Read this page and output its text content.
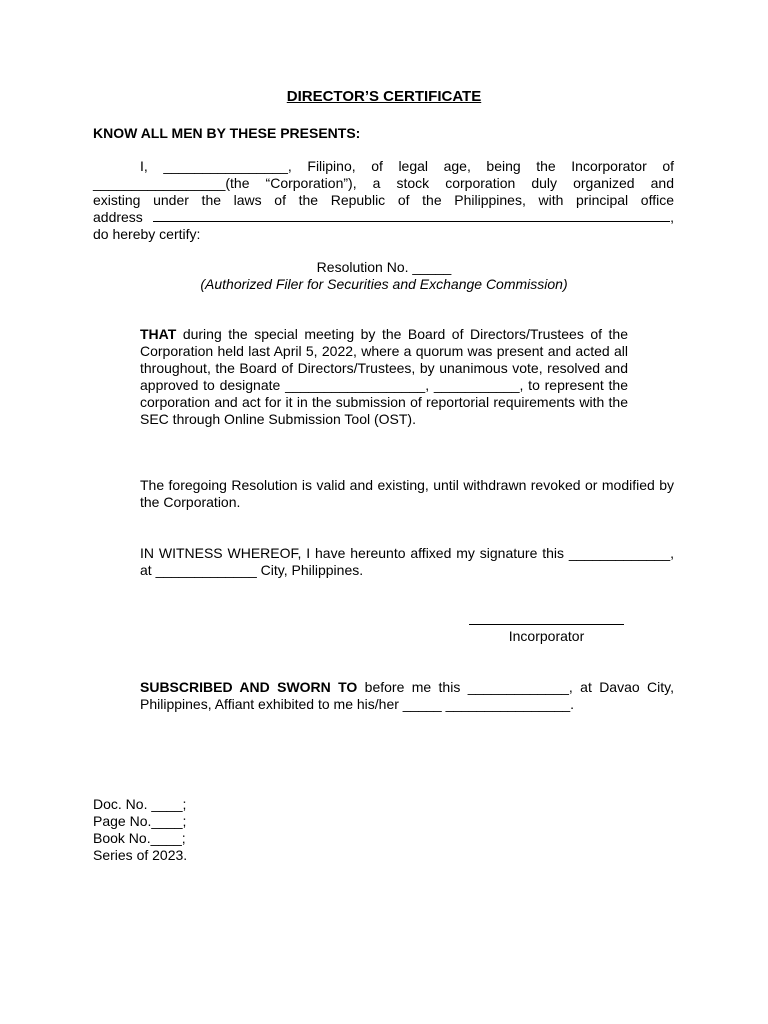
DIRECTOR’S CERTIFICATE
KNOW ALL MEN BY THESE PRESENTS:
I, ________________, Filipino, of legal age, being the Incorporator of
_________________(the “Corporation”), a stock corporation duly organized and
existing under the laws of the Republic of the Philippines, with principal office
address	,
do hereby certify:
Resolution No. _____
(Authorized Filer for Securities and Exchange Commission)
THAT during the special meeting by the Board of Directors/Trustees of the Corporation held last April 5, 2022, where a quorum was present and acted all throughout, the Board of Directors/Trustees, by unanimous vote, resolved and approved to designate __________________, ___________, to represent the corporation and act for it in the submission of reportorial requirements with the SEC through Online Submission Tool (OST).
The foregoing Resolution is valid and existing, until withdrawn revoked or modified by the Corporation.
IN WITNESS WHEREOF, I have hereunto affixed my signature this _____________, at _____________ City, Philippines.
Incorporator
SUBSCRIBED AND SWORN TO before me this _____________, at Davao City, Philippines, Affiant exhibited to me his/her _____ ________________.
Doc. No. ____;
Page No.____;
Book No.____;
Series of 2023.
